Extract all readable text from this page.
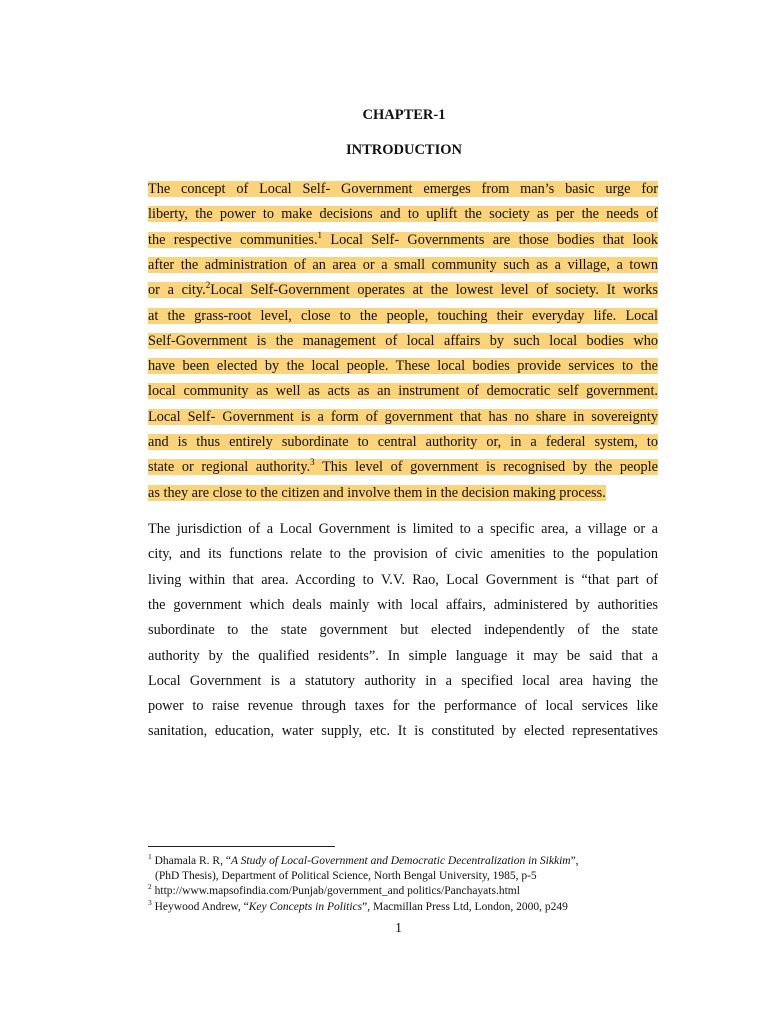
CHAPTER-1
INTRODUCTION
The concept of Local Self- Government emerges from man’s basic urge for
liberty, the power to make decisions and to uplift the society as per the needs of
the respective communities.$^1$ Local Self- Governments are those bodies that look
after the administration of an area or a small community such as a village, a town
or a city.$^2$Local Self-Government operates at the lowest level of society. It works
at the grass-root level, close to the people, touching their everyday life. Local
Self-Government is the management of local affairs by such local bodies who
have been elected by the local people. These local bodies provide services to the
local community as well as acts as an instrument of democratic self government.
Local Self- Government is a form of government that has no share in sovereignty
and is thus entirely subordinate to central authority or, in a federal system, to
state or regional authority.$^3$ This level of government is recognised by the people
as they are close to the citizen and involve them in the decision making process.
The jurisdiction of a Local Government is limited to a specific area, a village or a
city, and its functions relate to the provision of civic amenities to the population
living within that area. According to V.V. Rao, Local Government is “that part of
the government which deals mainly with local affairs, administered by authorities
subordinate to the state government but elected independently of the state
authority by the qualified residents”. In simple language it may be said that a
Local Government is a statutory authority in a specified local area having the
power to raise revenue through taxes for the performance of local services like
sanitation, education, water supply, etc. It is constituted by elected representatives
$^1$ Dhamala R. R, “A Study of Local-Government and Democratic Decentralization in Sikkim”,
(PhD Thesis), Department of Political Science, North Bengal University, 1985, p-5
$^2$ http://www.mapsofindia.com/Punjab/government_and politics/Panchayats.html
$^3$ Heywood Andrew, “Key Concepts in Politics”, Macmillan Press Ltd, London, 2000, p249
1
